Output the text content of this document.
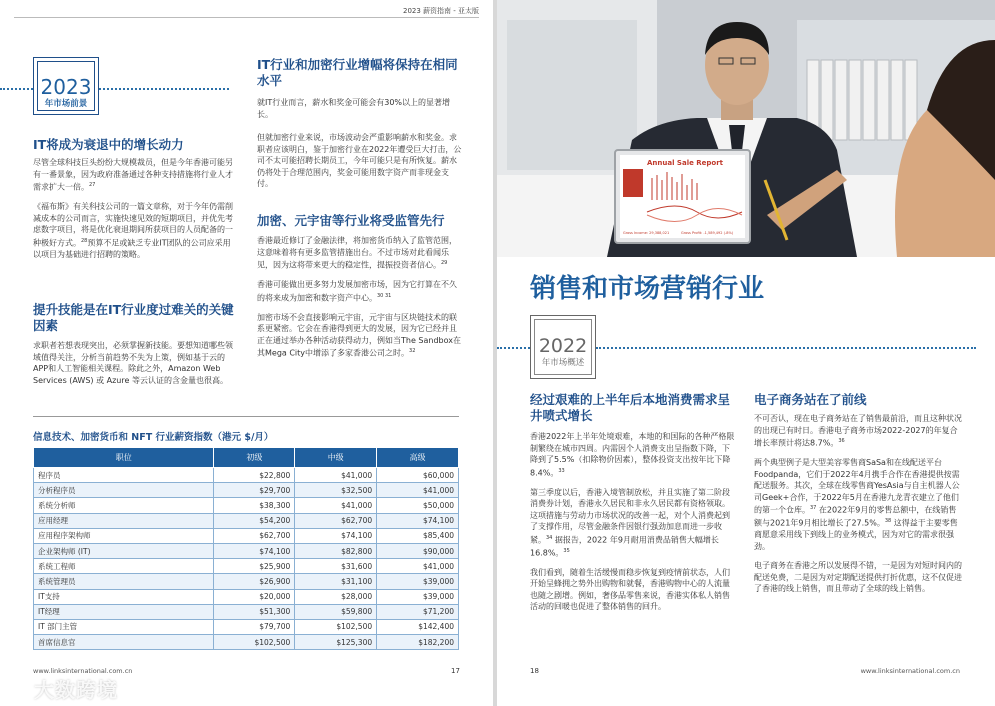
2023 薪资指南 - 亚太版
2023
年市场前景
IT将成为衰退中的增长动力

尽管全球科技巨头纷纷大规模裁员，但是今年香港可能另有一番景象，因为政府准备通过各种支持措施将行业人才需求扩大一倍。$^{27}$

《福布斯》有关科技公司的一篇文章称，对于今年仍需削减成本的公司而言，实施快速见效的短期项目，并优先考虑数字项目，将是优化衰退期间所获项目的人员配备的一种极好方式。$^{28}$预算不足或缺乏专业IT团队的公司应采用以项目为基础进行招聘的策略。

提升技能是在IT行业度过难关的关键因素

求职者若想表现突出，必须掌握新技能。要想知道哪些领域值得关注，分析当前趋势不失为上策，例如基于云的APP和人工智能相关课程。除此之外，Amazon Web Services (AWS) 或 Azure 等云认证的含金量也很高。

IT行业和加密行业增幅将保持在相同水平

就IT行业而言，薪水和奖金可能会有30%以上的显著增长。

但就加密行业来说，市场波动会严重影响薪水和奖金。求职者应该明白，鉴于加密行业在2022年遭受巨大打击，公司不太可能招聘长期员工，今年可能只是有所恢复。薪水仍将处于合理范围内，奖金可能用数字资产而非现金支付。

加密、元宇宙等行业将受监管先行

香港最近修订了金融法律，将加密货币纳入了监管范围，这意味着将有更多监管措施出台。不过市场对此看闻乐见，因为这将带来更大的稳定性，提振投资者信心。$^{29}$

香港可能做出更多努力发展加密市场，因为它打算在不久的将来成为加密和数字资产中心。$^{30 31}$

加密市场不会直接影响元宇宙，元宇宙与区块链技术的联系更紧密。它会在香港得到更大的发展，因为它已经并且正在通过举办各种活动获得动力，例如当The Sandbox在其Mega City中增添了多家香港公司之时。$^{32}$

信息技术、加密货币和 NFT 行业薪资指数（港元 $/月）
职位	初级	中级	高级
程序员	$22,800	$41,000	$60,000
分析程序员	$29,700	$32,500	$41,000
系统分析师	$38,300	$41,000	$50,000
应用经理	$54,200	$62,700	$74,100
应用程序架构师	$62,700	$74,100	$85,400
企业架构师 (IT)	$74,100	$82,800	$90,000
系统工程师	$25,900	$31,600	$41,000
系统管理员	$26,900	$31,100	$39,000
IT支持	$20,000	$28,000	$39,000
IT经理	$51,300	$59,800	$71,200
IT 部门主管	$79,700	$102,500	$142,400
首席信息官	$102,500	$125,300	$182,200
www.linksinternational.com.cn	17
Annual Sale Report
Gross Income: 29,388,021	Gross Profit: -1,589,492 (-8%)
销售和市场营销行业
2022
年市场概述
经过艰难的上半年后本地消费需求呈井喷式增长

香港2022年上半年处境艰难，本地的和国际的各种严格限制繁绕在城市四周。内需因个人消费支出呈指数下降，下降到了5.5%（扣除物价因素），整体投资支出按年比下降8.4%。$^{33}$

第三季度以后，香港入境管制放松，并且实施了第二阶段消费券计划，香港永久居民和非永久居民都有资格领取。这项措施与劳动力市场状况的改善一起，对个人消费起到了支撑作用，尽管金融条件因银行强劲加息而进一步收紧。$^{34}$ 据报告，2022 年9月耐用消费品销售大幅增长16.8%。$^{35}$

我们看到，随着生活缓慢而稳步恢复到疫情前状态，人们开始呈蜂拥之势外出购物和就餐，香港购物中心的人流量也随之剧增。例如，奢侈品零售来说，香港实体私人销售活动的回暖也促进了整体销售的回升。

电子商务站在了前线

不可否认，现在电子商务站在了销售最前沿，而且这种状况的出现已有时日。香港电子商务市场2022-2027的年复合增长率预计将达8.7%。$^{36}$

两个典型例子是大型美容零售商SaSa和在线配送平台Foodpanda，它们于2022年4月携手合作在香港提供按需配送服务。其次，全球在线零售商YesAsia与自主机器人公司Geek+合作，于2022年5月在香港九龙青衣建立了他们的第一个仓库。$^{37}$ 在2022年9月的零售总额中，在线销售额与2021年9月相比增长了27.5%。$^{38}$ 这得益于主要零售商愿意采用线下到线上的业务模式，因为对它的需求很强劲。

电子商务在香港之所以发展得不错，一是因为对短时间内的配送免费，二是因为对定期配送提供打折优惠，这不仅促进了香港的线上销售，而且带动了全球的线上销售。

18	www.linksinternational.com.cn
大数跨境
